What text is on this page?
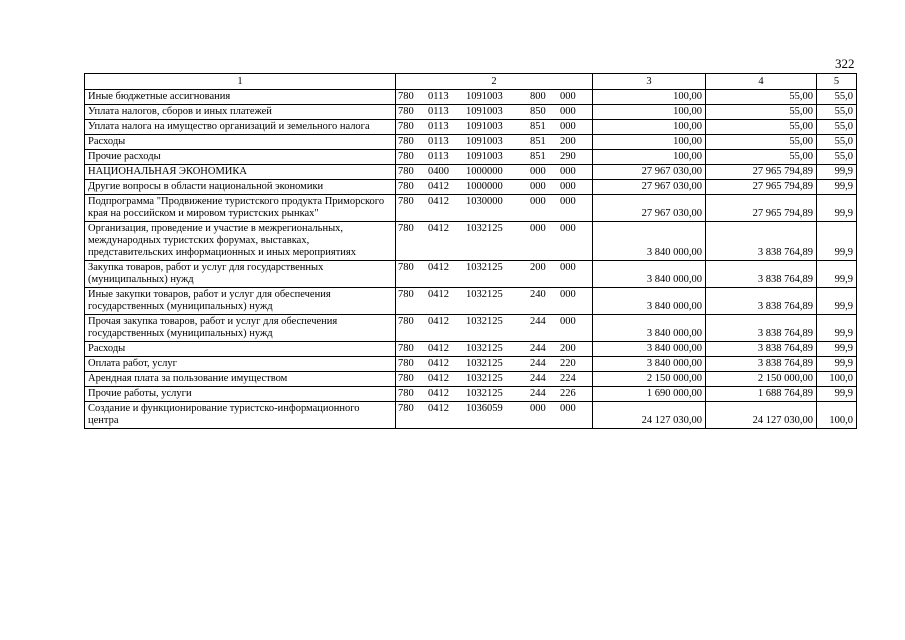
322
1	2	3	4	5
Иные бюджетные ассигнования	780 0113 1091003 800 000	100,00	55,00	55,0
Уплата налогов, сборов и иных платежей	780 0113 1091003 850 000	100,00	55,00	55,0
Уплата налога на имущество организаций и земельного налога	780 0113 1091003 851 000	100,00	55,00	55,0
Расходы	780 0113 1091003 851 200	100,00	55,00	55,0
Прочие расходы	780 0113 1091003 851 290	100,00	55,00	55,0
НАЦИОНАЛЬНАЯ ЭКОНОМИКА	780 0400 1000000 000 000	27 967 030,00	27 965 794,89	99,9
Другие вопросы в области национальной экономики	780 0412 1000000 000 000	27 967 030,00	27 965 794,89	99,9
Подпрограмма "Продвижение туристского продукта Приморского края на российском и мировом туристских рынках"	780 0412 1030000 000 000	27 967 030,00	27 965 794,89	99,9
Организация, проведение и участие в межрегиональных, международных туристских форумах, выставках, представительских информационных и иных мероприятиях	780 0412 1032125 000 000	3 840 000,00	3 838 764,89	99,9
Закупка товаров, работ и услуг для государственных (муниципальных) нужд	780 0412 1032125 200 000	3 840 000,00	3 838 764,89	99,9
Иные закупки товаров, работ и услуг для обеспечения государственных (муниципальных) нужд	780 0412 1032125 240 000	3 840 000,00	3 838 764,89	99,9
Прочая закупка товаров, работ и услуг для обеспечения государственных (муниципальных) нужд	780 0412 1032125 244 000	3 840 000,00	3 838 764,89	99,9
Расходы	780 0412 1032125 244 200	3 840 000,00	3 838 764,89	99,9
Оплата работ, услуг	780 0412 1032125 244 220	3 840 000,00	3 838 764,89	99,9
Арендная плата за пользование имуществом	780 0412 1032125 244 224	2 150 000,00	2 150 000,00	100,0
Прочие работы, услуги	780 0412 1032125 244 226	1 690 000,00	1 688 764,89	99,9
Создание и функционирование туристско-информационного центра	780 0412 1036059 000 000	24 127 030,00	24 127 030,00	100,0
